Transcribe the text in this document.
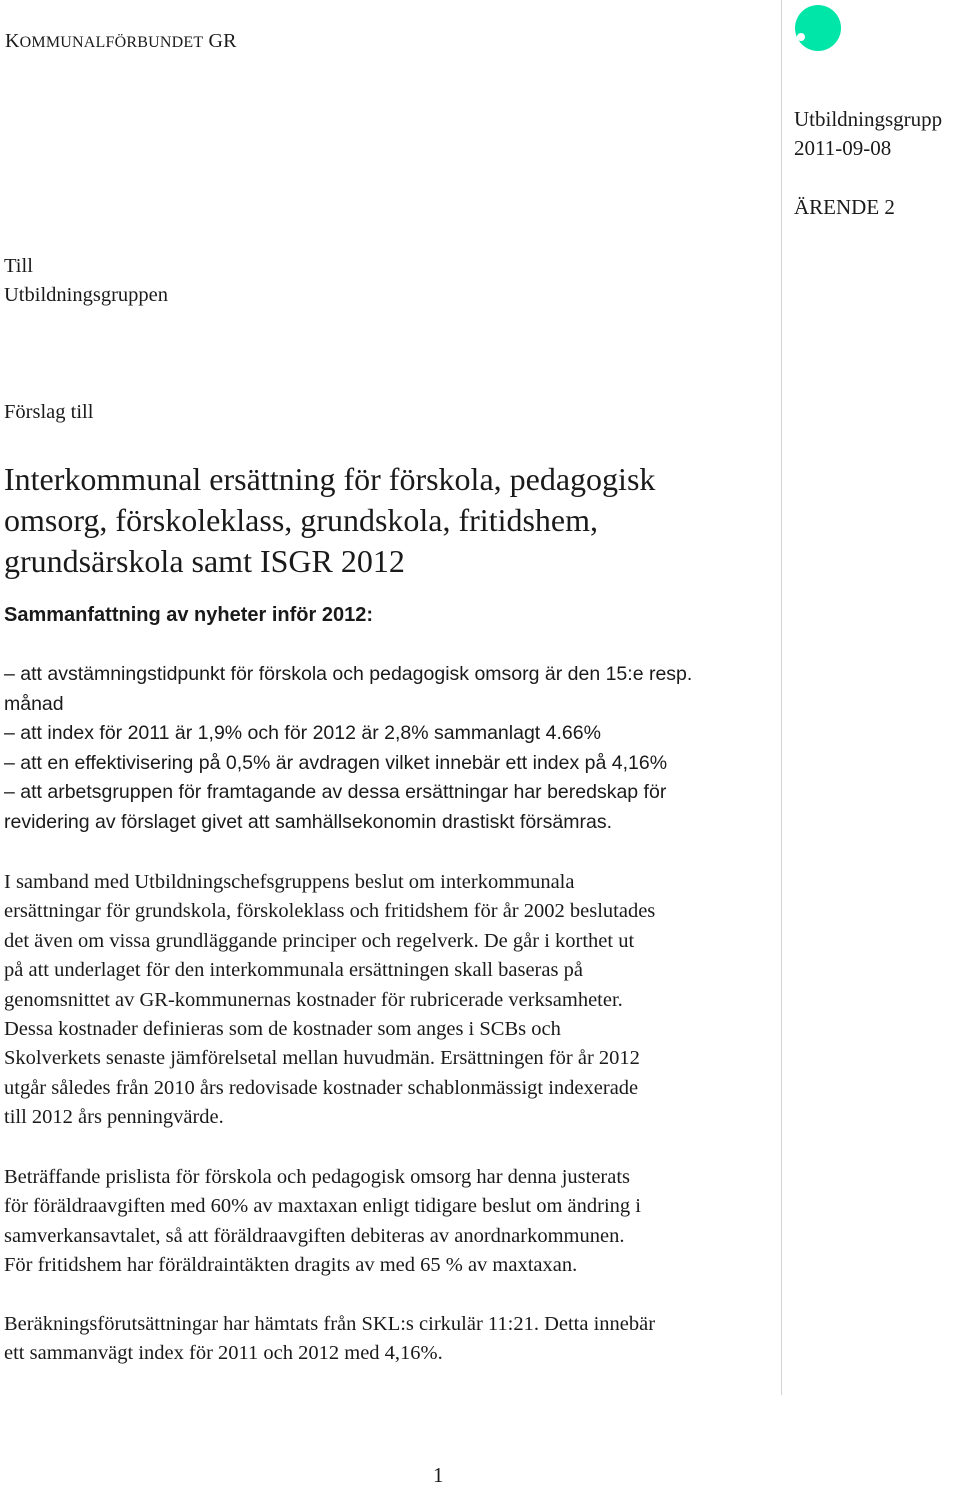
KOMMUNALFÖRBUNDET GR
Utbildningsgrupp
2011-09-08
ÄRENDE 2
Till
Utbildningsgruppen
Förslag till
Interkommunal ersättning för förskola, pedagogisk
omsorg, förskoleklass, grundskola, fritidshem,
grundsärskola samt ISGR 2012
Sammanfattning av nyheter inför 2012:
– att avstämningstidpunkt för förskola och pedagogisk omsorg är den 15:e resp.
månad
– att index för 2011 är 1,9% och för 2012 är 2,8% sammanlagt 4.66%
– att en effektivisering på 0,5% är avdragen vilket innebär ett index på 4,16%
– att arbetsgruppen för framtagande av dessa ersättningar har beredskap för
revidering av förslaget givet att samhällsekonomin drastiskt försämras.
I samband med Utbildningschefsgruppens beslut om interkommunala
ersättningar för grundskola, förskoleklass och fritidshem för år 2002 beslutades
det även om vissa grundläggande principer och regelverk. De går i korthet ut
på att underlaget för den interkommunala ersättningen skall baseras på
genomsnittet av GR-kommunernas kostnader för rubricerade verksamheter.
Dessa kostnader definieras som de kostnader som anges i SCBs och
Skolverkets senaste jämförelsetal mellan huvudmän. Ersättningen för år 2012
utgår således från 2010 års redovisade kostnader schablonmässigt indexerade
till 2012 års penningvärde.
Beträffande prislista för förskola och pedagogisk omsorg har denna justerats
för föräldraavgiften med 60% av maxtaxan enligt tidigare beslut om ändring i
samverkansavtalet, så att föräldraavgiften debiteras av anordnarkommunen.
För fritidshem har föräldraintäkten dragits av med 65 % av maxtaxan.
Beräkningsförutsättningar har hämtats från SKL:s cirkulär 11:21. Detta innebär
ett sammanvägt index för 2011 och 2012 med 4,16%.
1
